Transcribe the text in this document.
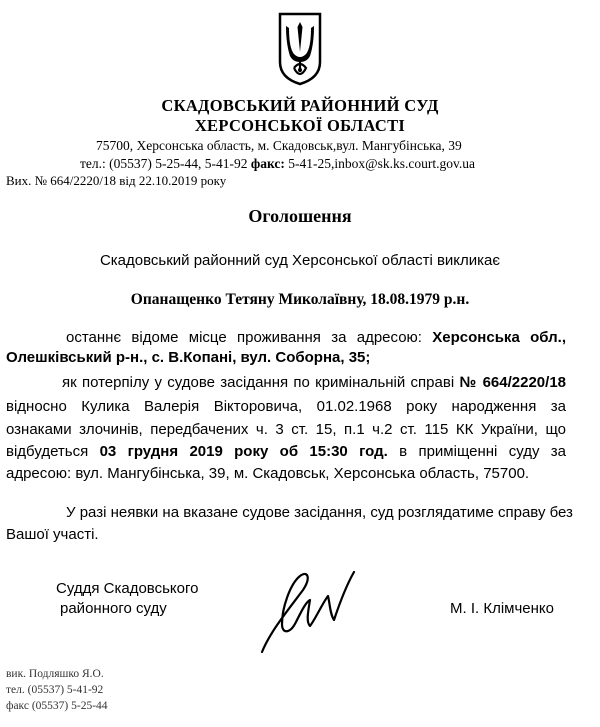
СКАДОВСЬКИЙ РАЙОННИЙ СУД
ХЕРСОНСЬКОЇ ОБЛАСТІ
75700, Херсонська область, м. Скадовськ,вул. Мангубінська, 39
тел.: (05537) 5-25-44, 5-41-92 факс: 5-41-25,inbox@sk.ks.court.gov.ua
Вих. № 664/2220/18 від 22.10.2019 року
Оголошення
Скадовський районний суд Херсонської області викликає
Опанащенко Тетяну Миколаївну, 18.08.1979 р.н.
останнє відоме місце проживання за адресою: Херсонська обл.,
Олешківський р-н., с. В.Копані, вул. Соборна, 35;
як потерпілу у судове засідання по кримінальній справі № 664/2220/18
відносно Кулика Валерія Вікторовича, 01.02.1968 року народження за
ознаками злочинів, передбачених ч. 3 ст. 15, п.1 ч.2 ст. 115 КК України, що
відбудеться 03 грудня 2019 року об 15:30 год. в приміщенні суду за
адресою: вул. Мангубінська, 39, м. Скадовськ, Херсонська область, 75700.
У разі неявки на вказане судове засідання, суд розглядатиме справу без
Вашої участі.
Суддя Скадовського
районного суду	М. І. Клімченко
вик. Подляшко Я.О.
тел. (05537) 5-41-92
факс (05537) 5-25-44
